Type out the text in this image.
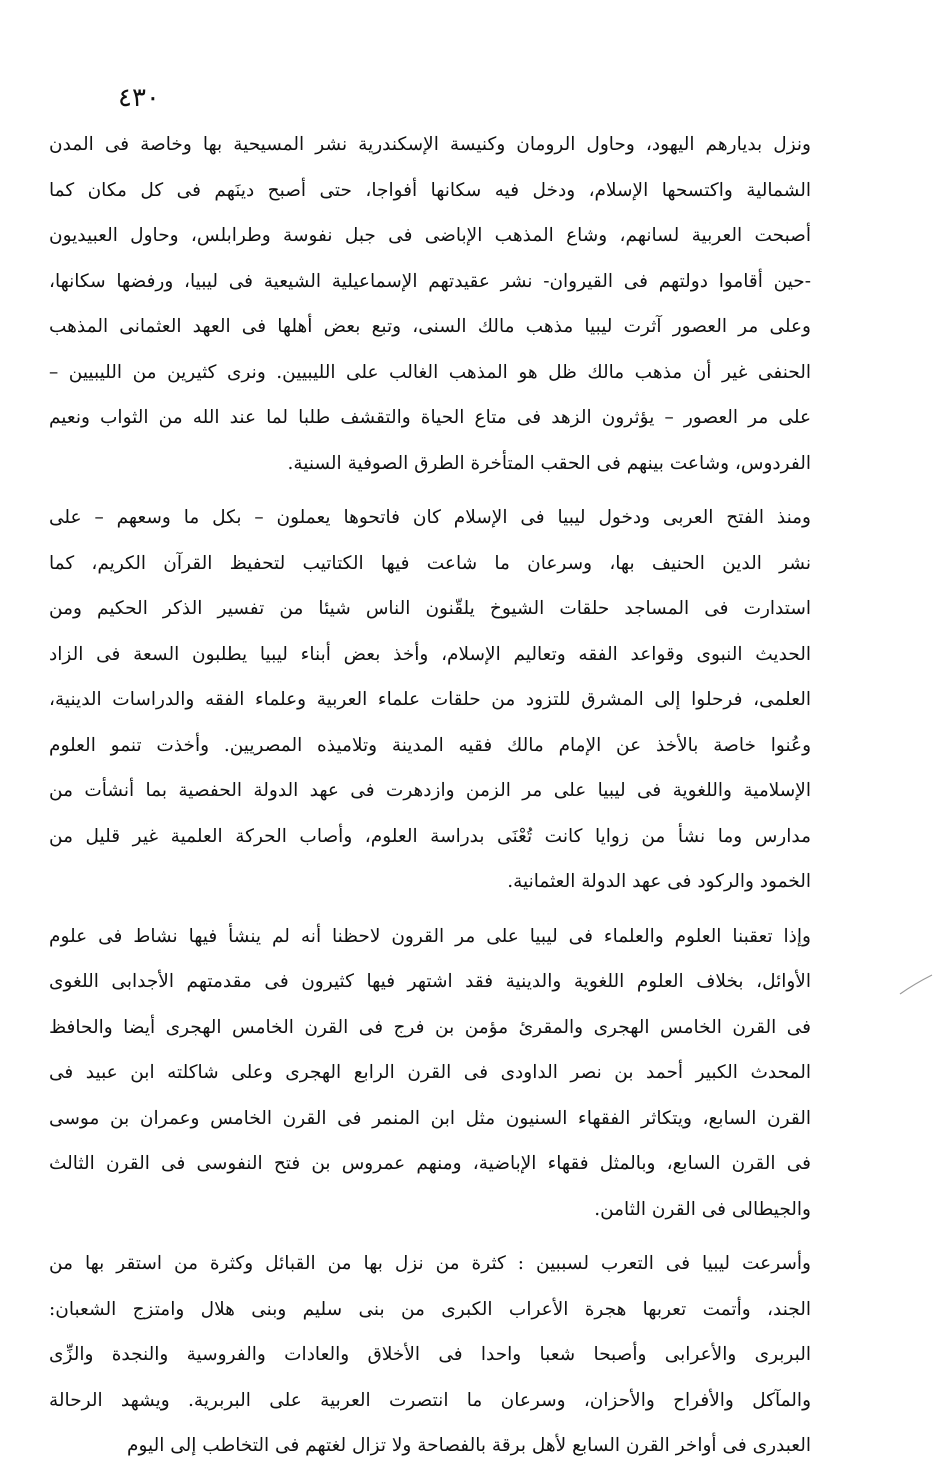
٤٣٠
ونزل بديارهم اليهود، وحاول الرومان وكنيسة الإسكندرية نشر المسيحية بها وخاصة فى المدن
الشمالية واكتسحها الإسلام، ودخل فيه سكانها أفواجا، حتى أصبح دينَهم فى كل مكان كما
أصبحت العربية لسانهم، وشاع المذهب الإباضى فى جبل نفوسة وطرابلس، وحاول العبيديون
-حين أقاموا دولتهم فى القيروان- نشر عقيدتهم الإسماعيلية الشيعية فى ليبيا، ورفضها سكانها،
وعلى مر العصور آثرت ليبيا مذهب مالك السنى، وتبع بعض أهلها فى العهد العثمانى المذهب
الحنفى غير أن مذهب مالك ظل هو المذهب الغالب على الليبيين. ونرى كثيرين من الليبيين –
على مر العصور – يؤثرون الزهد فى متاع الحياة والتقشف طلبا لما عند الله من الثواب ونعيم
الفردوس، وشاعت بينهم فى الحقب المتأخرة الطرق الصوفية السنية.
ومنذ الفتح العربى ودخول ليبيا فى الإسلام كان فاتحوها يعملون – بكل ما وسعهم – على
نشر الدين الحنيف بها، وسرعان ما شاعت فيها الكتاتيب لتحفيظ القرآن الكريم، كما
استدارت فى المساجد حلقات الشيوخ يلقّنون الناس شيئا من تفسير الذكر الحكيم ومن
الحديث النبوى وقواعد الفقه وتعاليم الإسلام، وأخذ بعض أبناء ليبيا يطلبون السعة فى الزاد
العلمى، فرحلوا إلى المشرق للتزود من حلقات علماء العربية وعلماء الفقه والدراسات الدينية،
وعُنوا خاصة بالأخذ عن الإمام مالك فقيه المدينة وتلاميذه المصريين. وأخذت تنمو العلوم
الإسلامية واللغوية فى ليبيا على مر الزمن وازدهرت فى عهد الدولة الحفصية بما أنشأت من
مدارس وما نشأ من زوايا كانت تُعْنَى بدراسة العلوم، وأصاب الحركة العلمية غير قليل من
الخمود والركود فى عهد الدولة العثمانية.
وإذا تعقبنا العلوم والعلماء فى ليبيا على مر القرون لاحظنا أنه لم ينشأ فيها نشاط فى علوم
الأوائل، بخلاف العلوم اللغوية والدينية فقد اشتهر فيها كثيرون فى مقدمتهم الأجدابى اللغوى
فى القرن الخامس الهجرى والمقرئ مؤمن بن فرج فى القرن الخامس الهجرى أيضا والحافظ
المحدث الكبير أحمد بن نصر الداودى فى القرن الرابع الهجرى وعلى شاكلته ابن عبيد فى
القرن السابع، ويتكاثر الفقهاء السنيون مثل ابن المنمر فى القرن الخامس وعمران بن موسى
فى القرن السابع، وبالمثل فقهاء الإباضية، ومنهم عمروس بن فتح النفوسى فى القرن الثالث
والجيطالى فى القرن الثامن.
وأسرعت ليبيا فى التعرب لسببين : كثرة من نزل بها من القبائل وكثرة من استقر بها من
الجند، وأتمت تعربها هجرة الأعراب الكبرى من بنى سليم وبنى هلال وامتزج الشعبان:
البربرى والأعرابى وأصبحا شعبا واحدا فى الأخلاق والعادات والفروسية والنجدة والزِّى
والمآكل والأفراح والأحزان، وسرعان ما انتصرت العربية على البربرية. ويشهد الرحالة
العبدرى فى أواخر القرن السابع لأهل برقة بالفصاحة ولا تزال لغتهم فى التخاطب إلى اليوم
